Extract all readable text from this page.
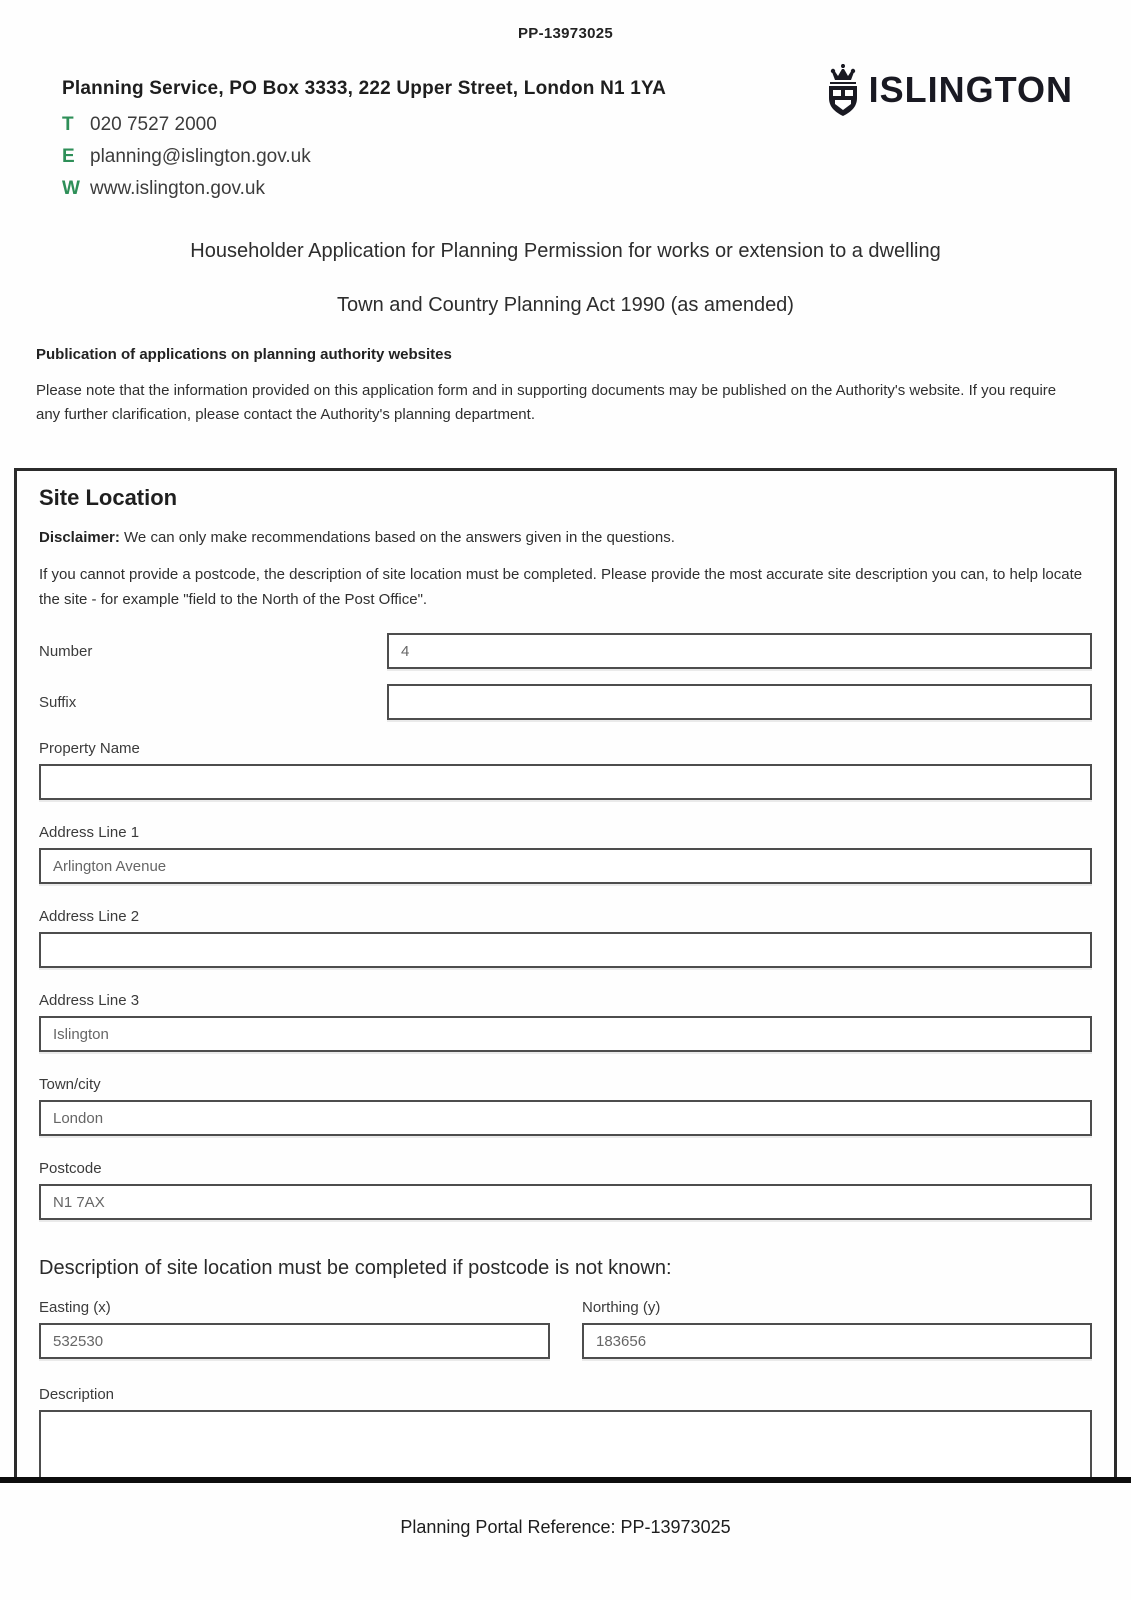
PP-13973025
Planning Service, PO Box 3333, 222 Upper Street, London N1 1YA
T 020 7527 2000
E planning@islington.gov.uk
W www.islington.gov.uk
ISLINGTON
Householder Application for Planning Permission for works or extension to a dwelling
Town and Country Planning Act 1990 (as amended)
Publication of applications on planning authority websites
Please note that the information provided on this application form and in supporting documents may be published on the Authority's website. If you require any further clarification, please contact the Authority's planning department.
Site Location
Disclaimer: We can only make recommendations based on the answers given in the questions.
If you cannot provide a postcode, the description of site location must be completed. Please provide the most accurate site description you can, to help locate the site - for example "field to the North of the Post Office".
Number
4
Suffix
Property Name
Address Line 1
Arlington Avenue
Address Line 2
Address Line 3
Islington
Town/city
London
Postcode
N1 7AX
Description of site location must be completed if postcode is not known:
Easting (x)
532530	Northing (y)
183656
Description
Planning Portal Reference: PP-13973025
